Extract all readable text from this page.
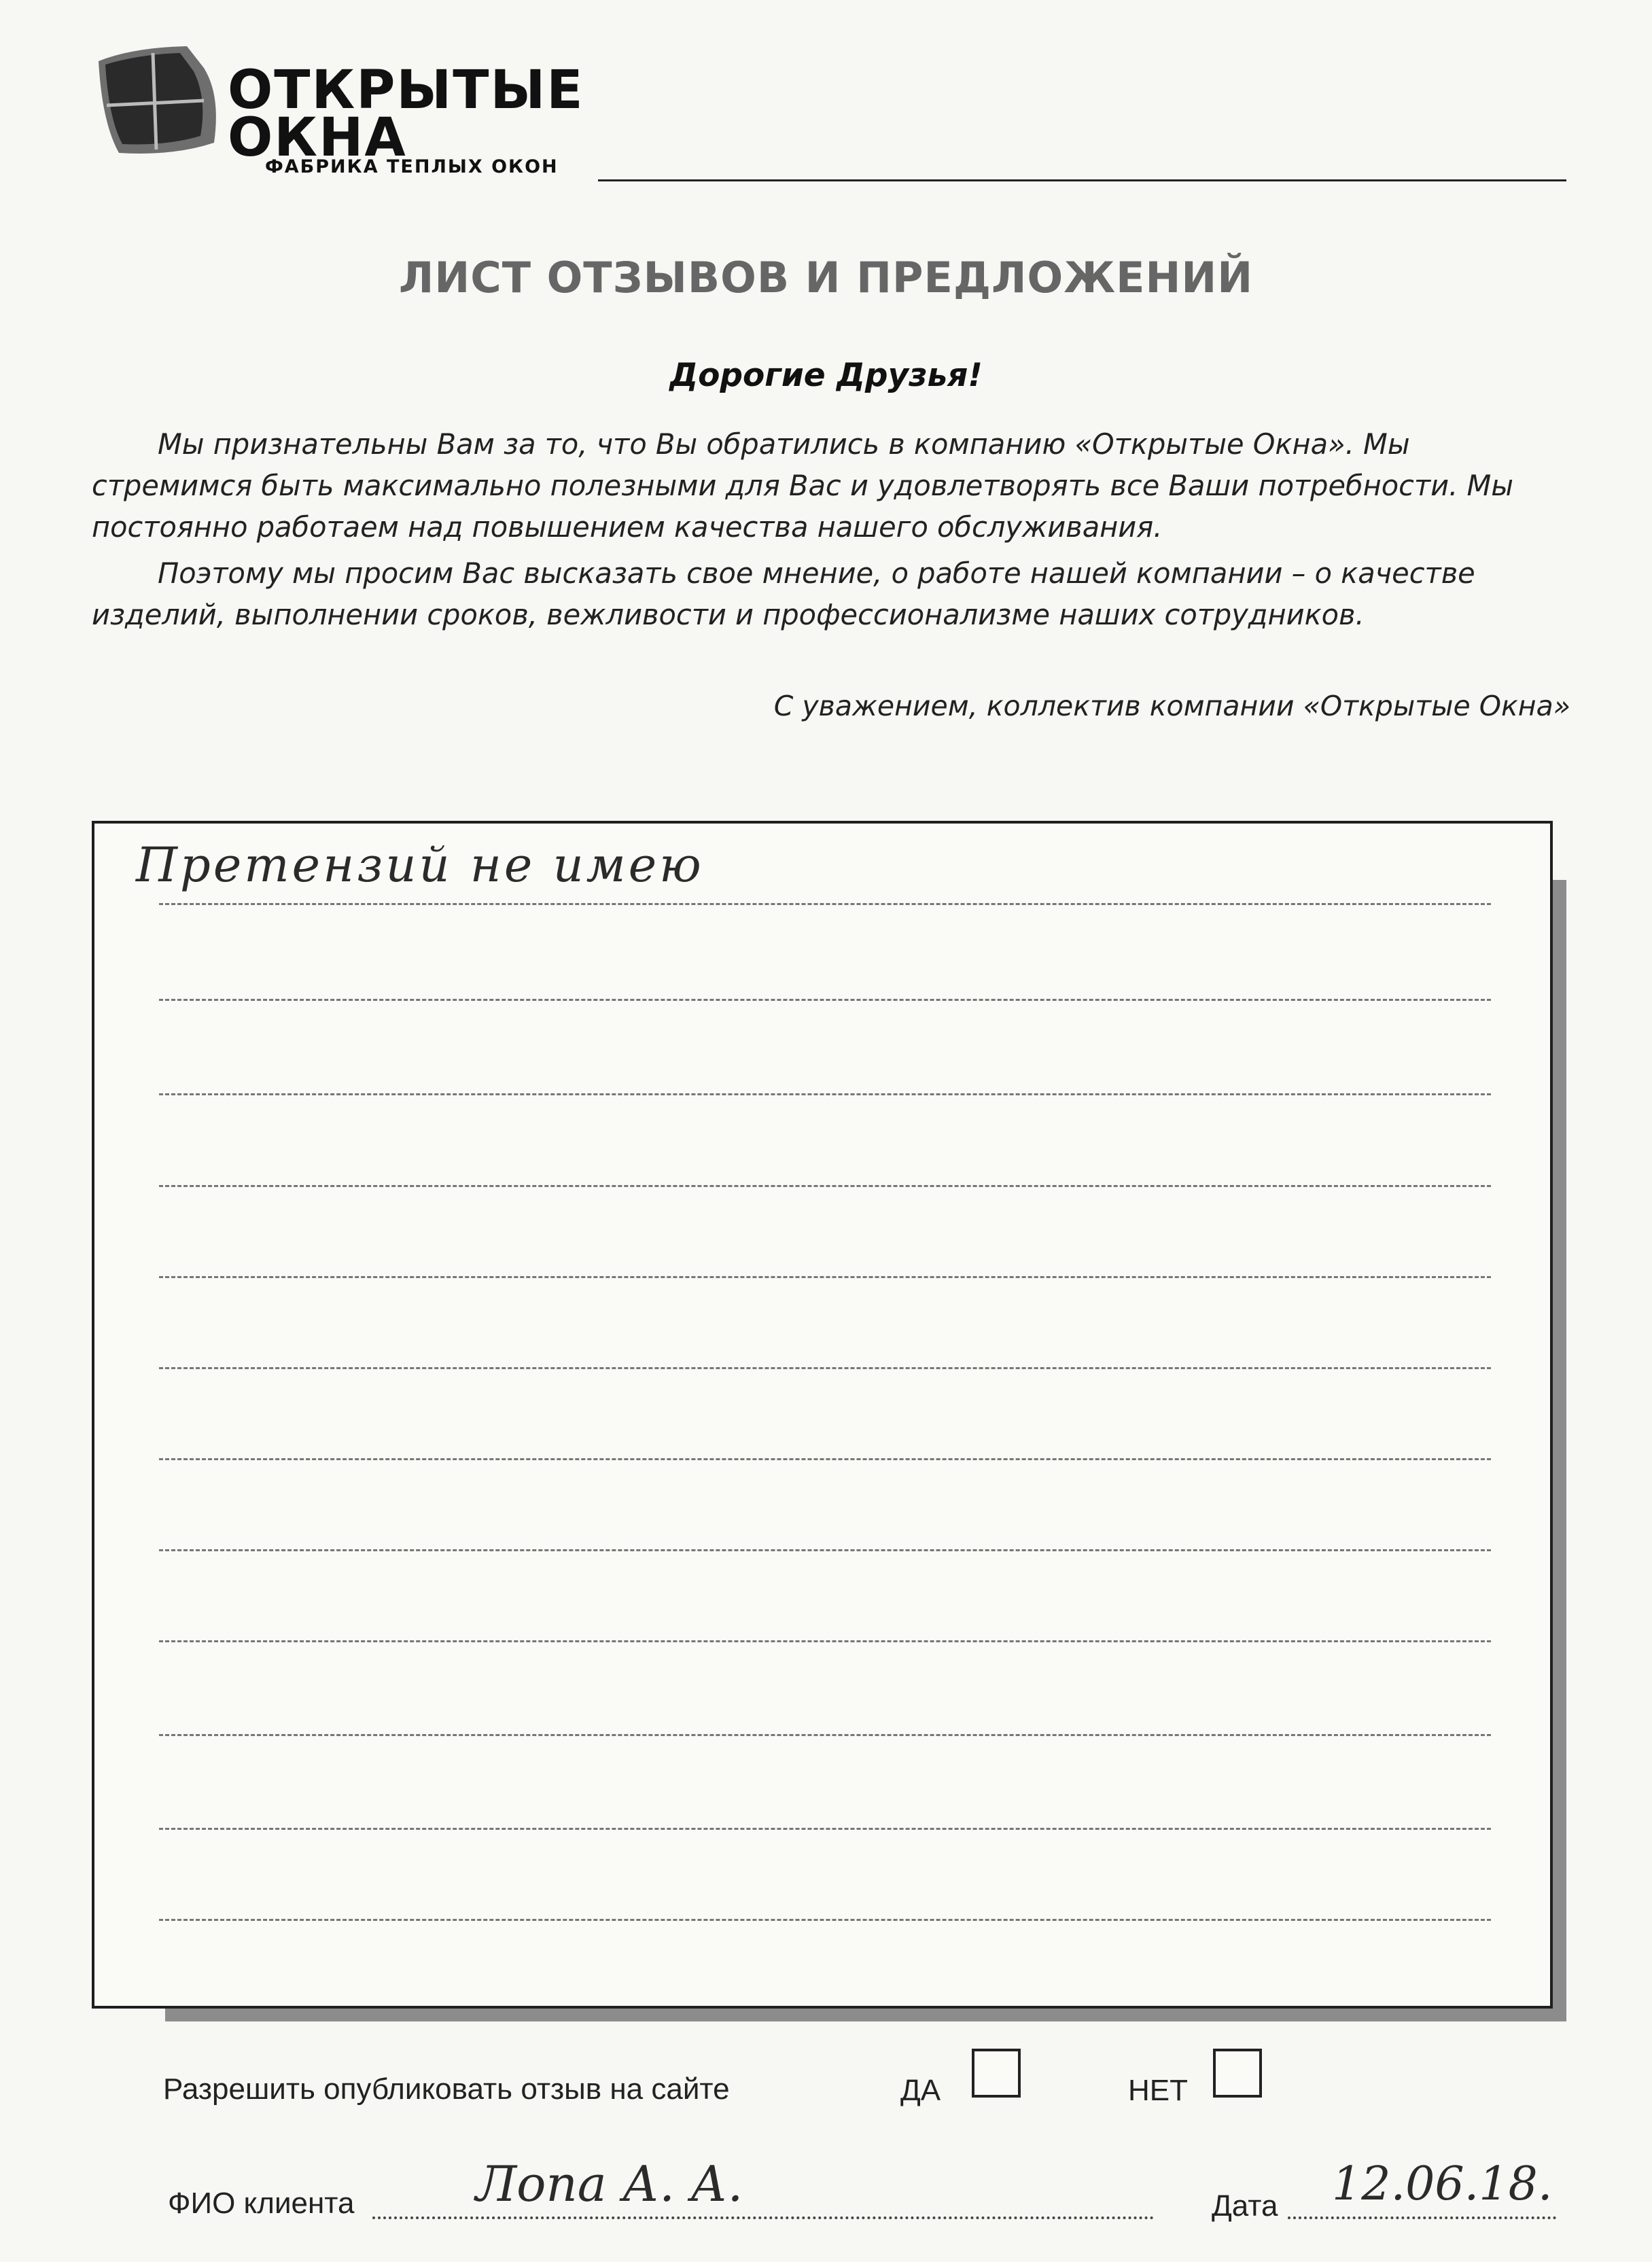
ОТКРЫТЫЕ
ОКНА
ФАБРИКА ТЕПЛЫХ ОКОН
ЛИСТ ОТЗЫВОВ И ПРЕДЛОЖЕНИЙ
Дорогие Друзья!
Мы признательны Вам за то, что Вы обратились в компанию «Открытые Окна». Мы стремимся быть максимально полезными для Вас и удовлетворять все Ваши потребности. Мы постоянно работаем над повышением качества нашего обслуживания.
Поэтому мы просим Вас высказать свое мнение, о работе нашей компании – о качестве изделий, выполнении сроков, вежливости и профессионализме наших сотрудников.
С уважением, коллектив компании «Открытые Окна»
Претензий не имею
Разрешить опубликовать отзыв на сайте	ДА	НЕТ
ФИО клиента Лопа А. А.	Дата 12.06.18.
